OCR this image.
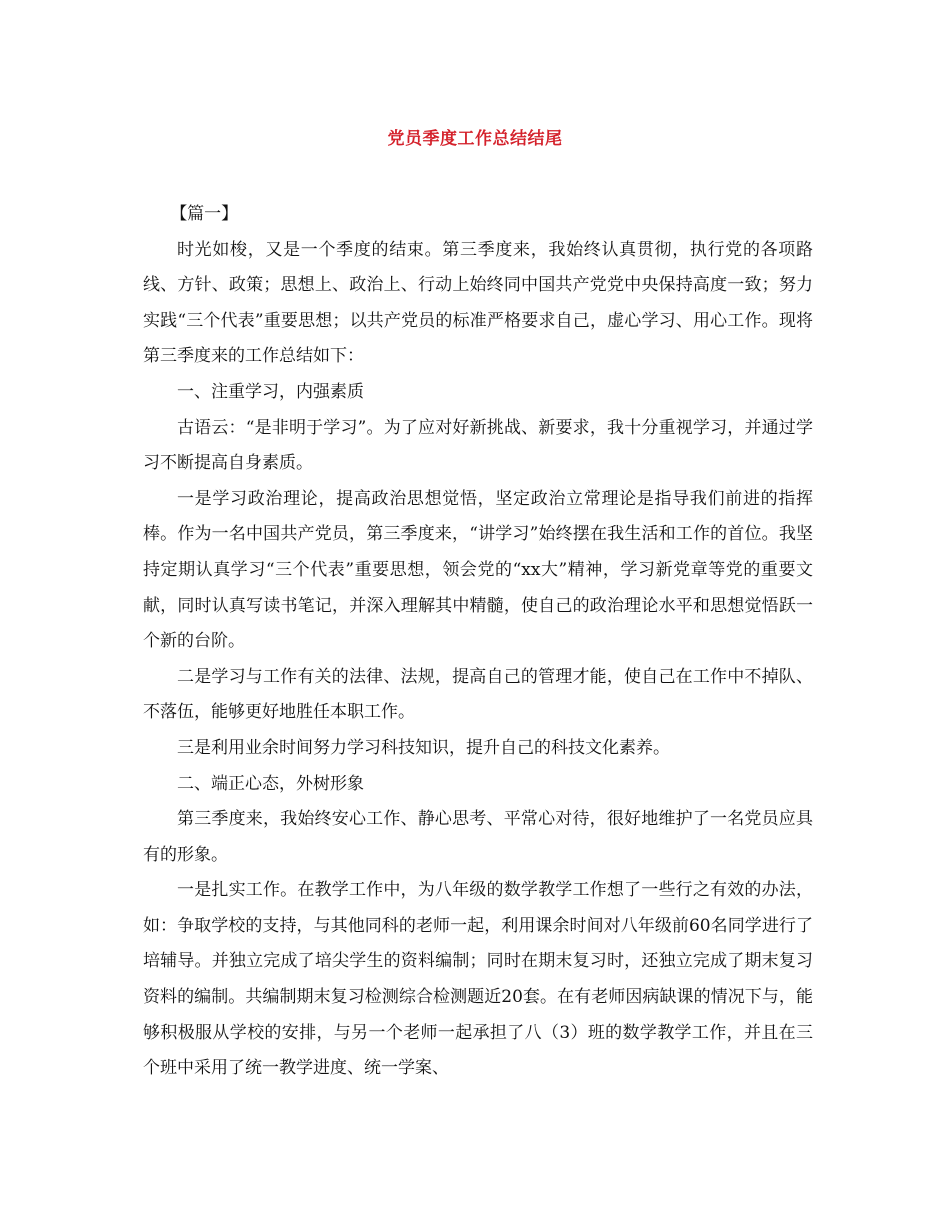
党员季度工作总结结尾

【篇一】

时光如梭，又是一个季度的结束。第三季度来，我始终认真贯彻，执行党的各项路线、方针、政策；思想上、政治上、行动上始终同中国共产党党中央保持高度一致；努力实践“三个代表”重要思想；以共产党员的标准严格要求自己，虚心学习、用心工作。现将第三季度来的工作总结如下：

一、注重学习，内强素质

古语云：“是非明于学习”。为了应对好新挑战、新要求，我十分重视学习，并通过学习不断提高自身素质。

一是学习政治理论，提高政治思想觉悟，坚定政治立常理论是指导我们前进的指挥棒。作为一名中国共产党员，第三季度来，“讲学习”始终摆在我生活和工作的首位。我坚持定期认真学习“三个代表”重要思想，领会党的“xx大”精神，学习新党章等党的重要文献，同时认真写读书笔记，并深入理解其中精髓，使自己的政治理论水平和思想觉悟跃一个新的台阶。

二是学习与工作有关的法律、法规，提高自己的管理才能，使自己在工作中不掉队、不落伍，能够更好地胜任本职工作。

三是利用业余时间努力学习科技知识，提升自己的科技文化素养。

二、端正心态，外树形象

第三季度来，我始终安心工作、静心思考、平常心对待，很好地维护了一名党员应具有的形象。

一是扎实工作。在教学工作中，为八年级的数学教学工作想了一些行之有效的办法，如：争取学校的支持，与其他同科的老师一起，利用课余时间对八年级前60名同学进行了培辅导。并独立完成了培尖学生的资料编制；同时在期末复习时，还独立完成了期末复习资料的编制。共编制期末复习检测综合检测题近20套。在有老师因病缺课的情况下与，能够积极服从学校的安排，与另一个老师一起承担了八（3）班的数学教学工作，并且在三个班中采用了统一教学进度、统一学案、
